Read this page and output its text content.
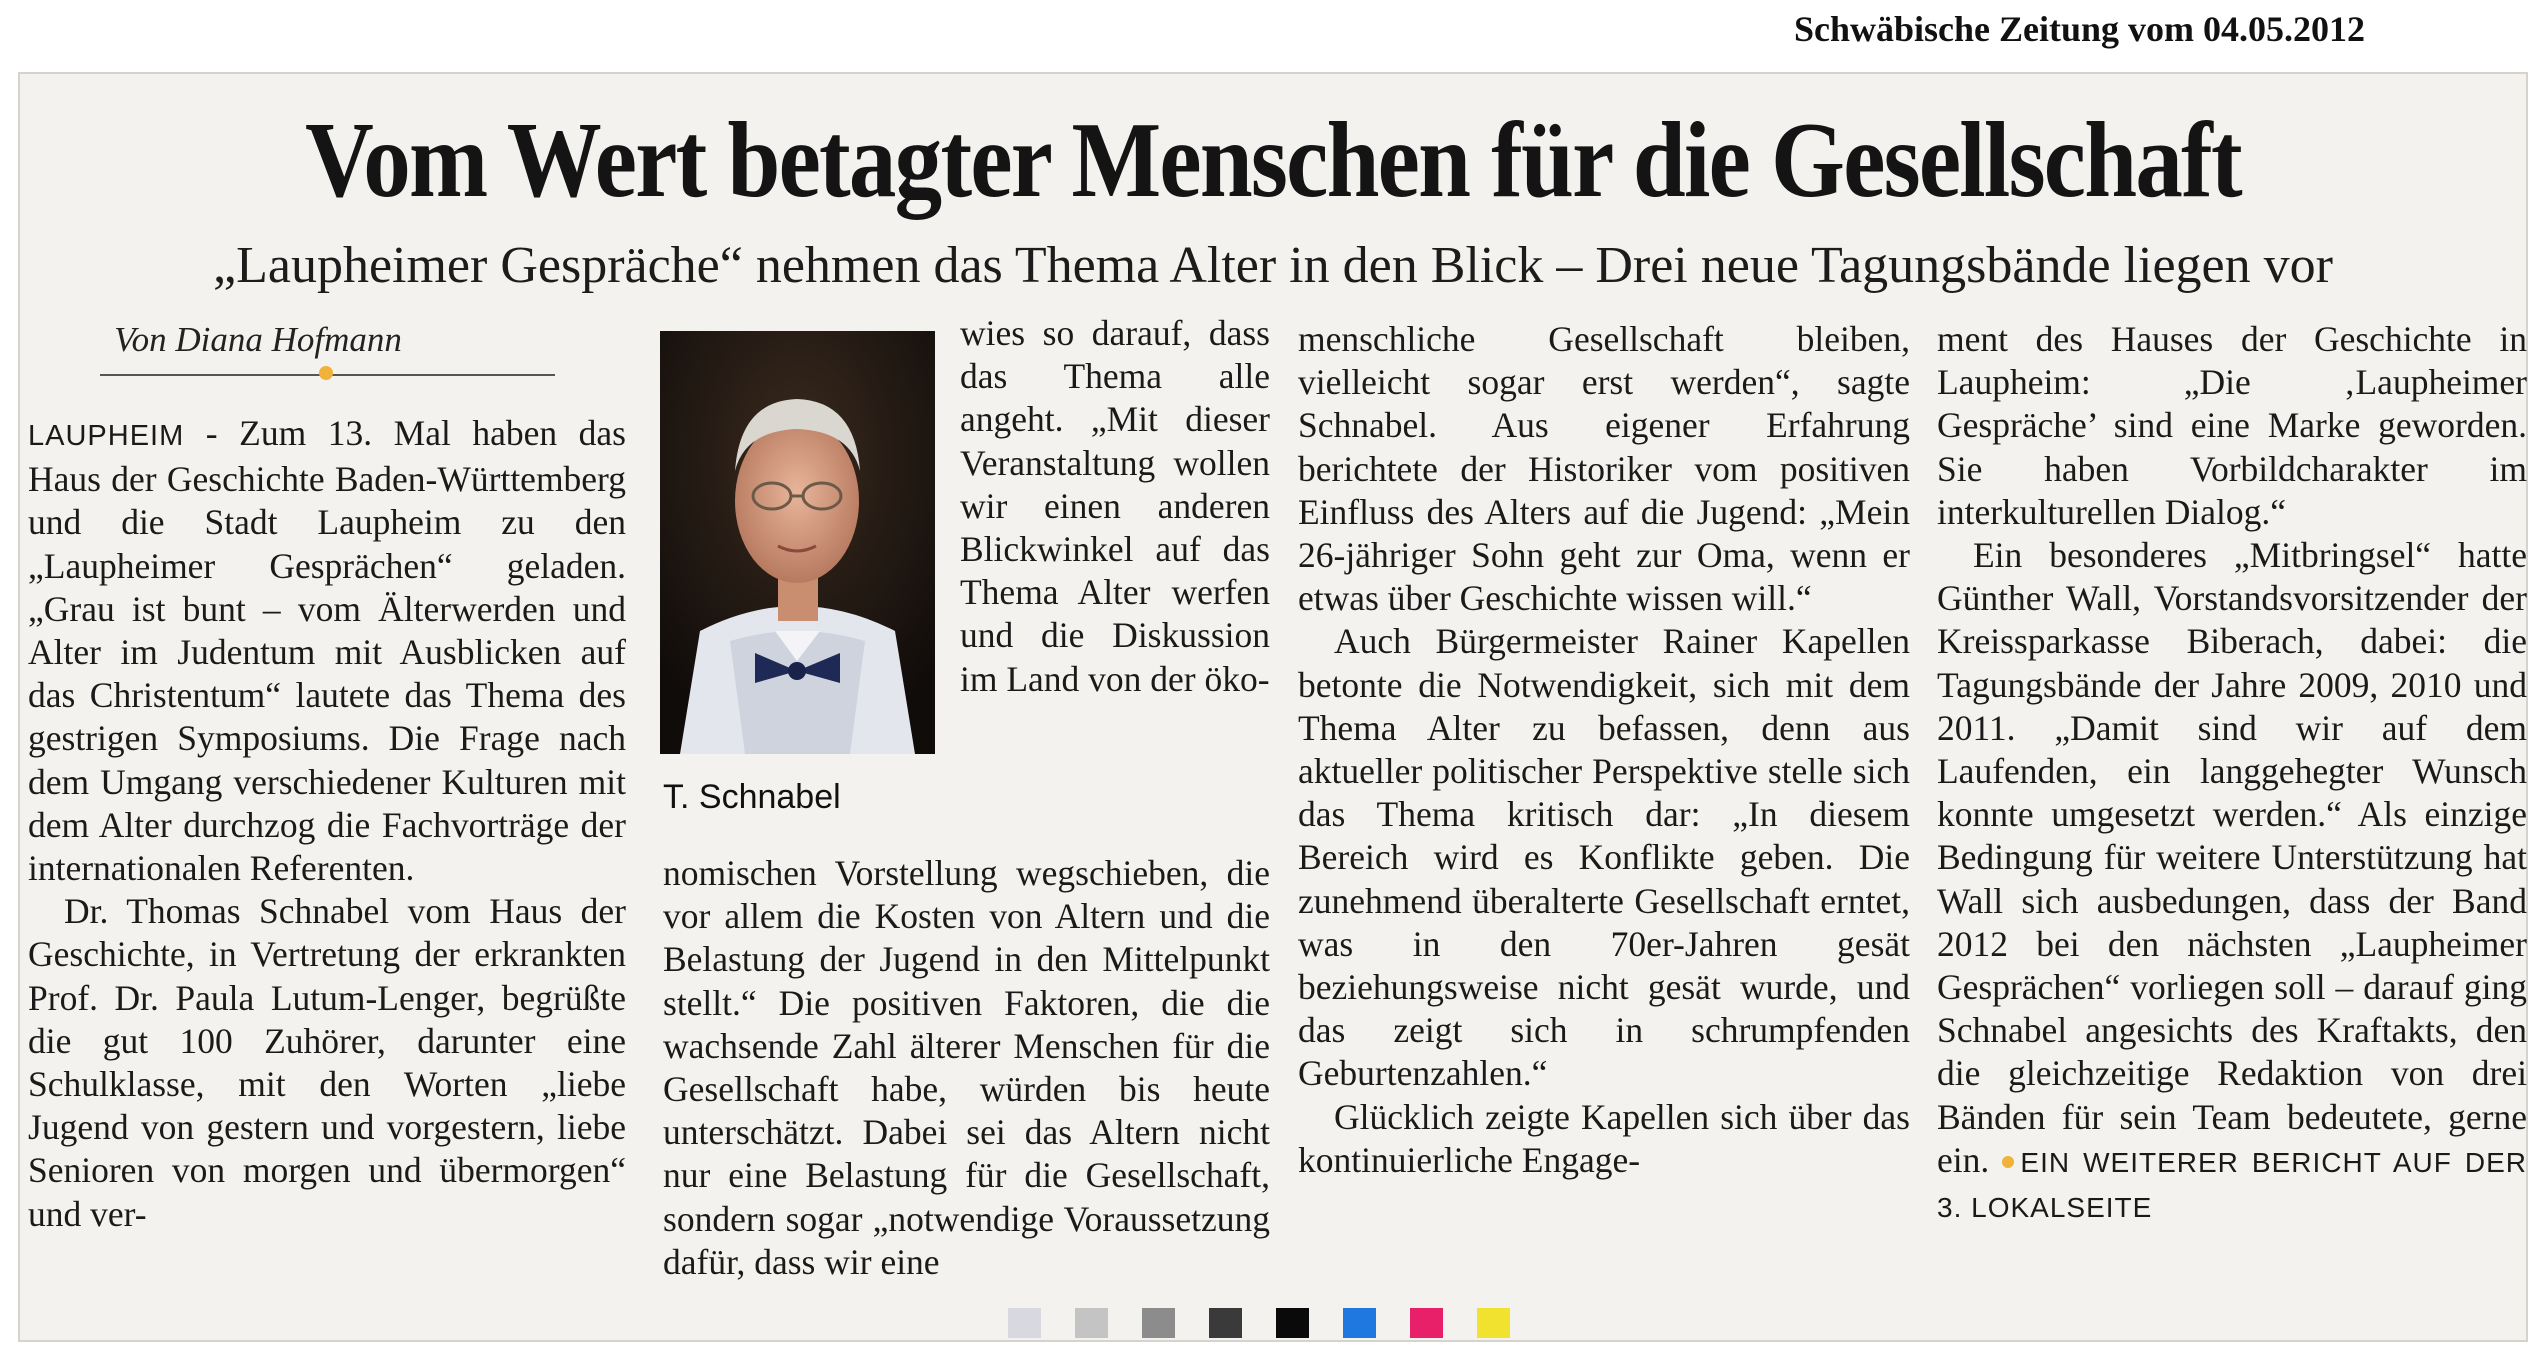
Schwäbische Zeitung vom 04.05.2012
Vom Wert betagter Menschen für die Gesellschaft
„Laupheimer Gespräche“ nehmen das Thema Alter in den Blick – Drei neue Tagungsbände liegen vor
Von Diana Hofmann

LAUPHEIM - Zum 13. Mal haben das Haus der Geschichte Baden-Württemberg und die Stadt Laupheim zu den „Laupheimer Gesprächen“ geladen. „Grau ist bunt – vom Älterwerden und Alter im Judentum mit Ausblicken auf das Christentum“ lautete das Thema des gestrigen Symposiums. Die Frage nach dem Umgang verschiedener Kulturen mit dem Alter durchzog die Fachvorträge der internationalen Referenten.

Dr. Thomas Schnabel vom Haus der Geschichte, in Vertretung der erkrankten Prof. Dr. Paula Lutum-Lenger, begrüßte die gut 100 Zuhörer, darunter eine Schulklasse, mit den Worten „liebe Jugend von gestern und vorgestern, liebe Senioren von morgen und übermorgen“ und ver-

T. Schnabel

wies so darauf, dass das Thema alle angeht. „Mit dieser Veranstaltung wollen wir einen anderen Blickwinkel auf das Thema Alter werfen und die Diskussion im Land von der öko-

nomischen Vorstellung wegschieben, die vor allem die Kosten von Altern und die Belastung der Jugend in den Mittelpunkt stellt.“ Die positiven Faktoren, die die wachsende Zahl älterer Menschen für die Gesellschaft habe, würden bis heute unterschätzt. Dabei sei das Altern nicht nur eine Belastung für die Gesellschaft, sondern sogar „notwendige Voraussetzung dafür, dass wir eine

menschliche Gesellschaft bleiben, vielleicht sogar erst werden“, sagte Schnabel. Aus eigener Erfahrung berichtete der Historiker vom positiven Einfluss des Alters auf die Jugend: „Mein 26-jähriger Sohn geht zur Oma, wenn er etwas über Geschichte wissen will.“

Auch Bürgermeister Rainer Kapellen betonte die Notwendigkeit, sich mit dem Thema Alter zu befassen, denn aus aktueller politischer Perspektive stelle sich das Thema kritisch dar: „In diesem Bereich wird es Konflikte geben. Die zunehmend überalterte Gesellschaft erntet, was in den 70er-Jahren gesät beziehungsweise nicht gesät wurde, und das zeigt sich in schrumpfenden Geburtenzahlen.“

Glücklich zeigte Kapellen sich über das kontinuierliche Engage-

ment des Hauses der Geschichte in Laupheim: „Die ‚Laupheimer Gespräche’ sind eine Marke geworden. Sie haben Vorbildcharakter im interkulturellen Dialog.“

Ein besonderes „Mitbringsel“ hatte Günther Wall, Vorstandsvorsitzender der Kreissparkasse Biberach, dabei: die Tagungsbände der Jahre 2009, 2010 und 2011. „Damit sind wir auf dem Laufenden, ein langgehegter Wunsch konnte umgesetzt werden.“ Als einzige Bedingung für weitere Unterstützung hat Wall sich ausbedungen, dass der Band 2012 bei den nächsten „Laupheimer Gesprächen“ vorliegen soll – darauf ging Schnabel angesichts des Kraftakts, den die gleichzeitige Redaktion von drei Bänden für sein Team bedeutete, gerne ein. EIN WEITERER BERICHT AUF DER 3. LOKALSEITE
